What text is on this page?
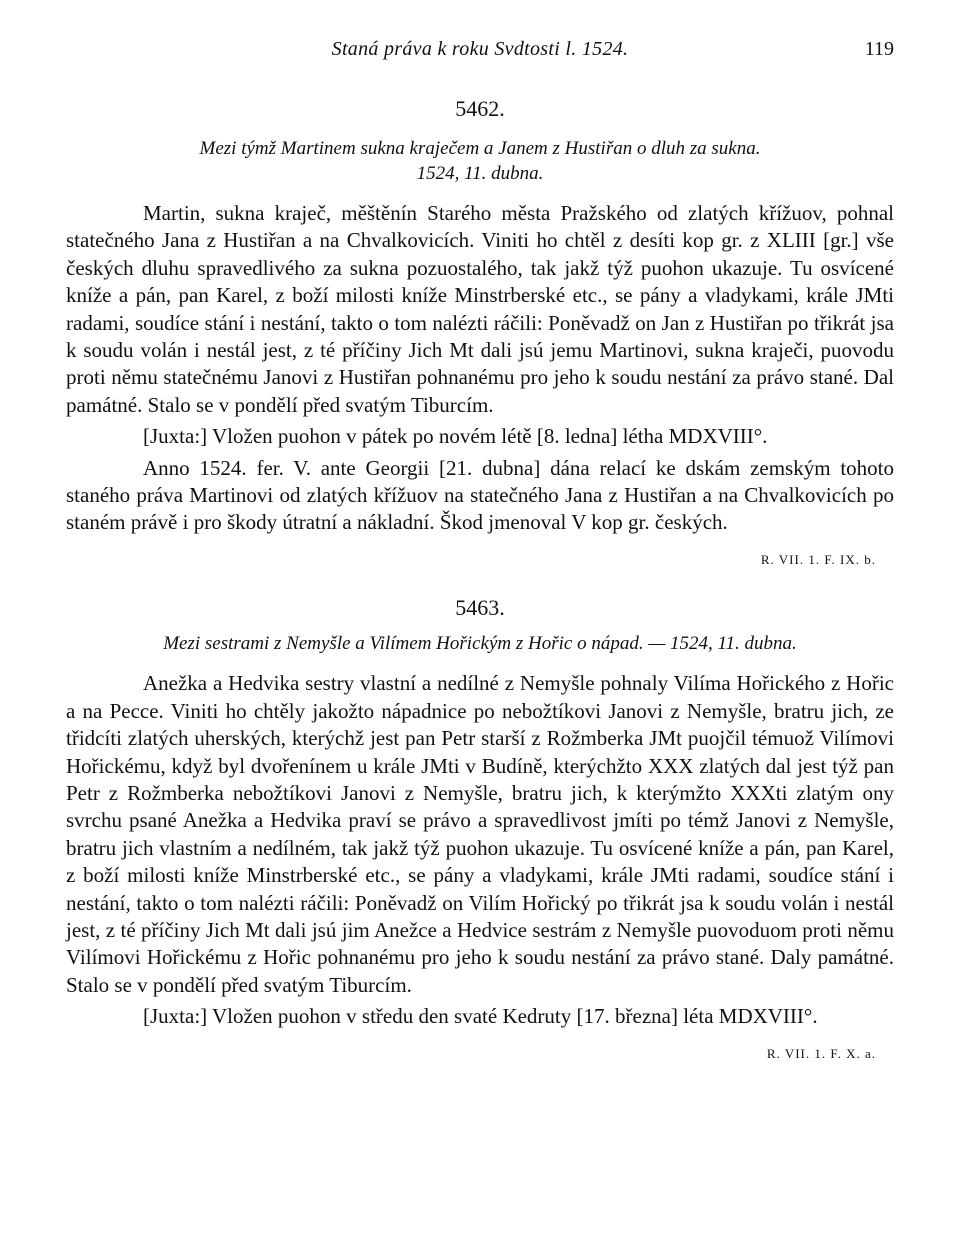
Staná práva k roku Svdtosti l. 1524.	119
5462.
Mezi týmž Martinem sukna kraječem a Janem z Hustiřan o dluh za sukna.
1524, 11. dubna.

Martin, sukna kraječ, měštěnín Starého města Pražského od zlatých křížuov, pohnal statečného Jana z Hustiřan a na Chvalkovicích. Viniti ho chtěl z desíti kop gr. z XLIII [gr.] vše českých dluhu spravedlivého za sukna pozuostalého, tak jakž týž puohon ukazuje. Tu osvícené kníže a pán, pan Karel, z boží milosti kníže Minstrberské etc., se pány a vladykami, krále JMti radami, soudíce stání i nestání, takto o tom nalézti ráčili: Poněvadž on Jan z Hustiřan po třikrát jsa k soudu volán i nestál jest, z té příčiny Jich Mt dali jsú jemu Martinovi, sukna kraječi, puovodu proti němu statečnému Janovi z Hustiřan pohnanému pro jeho k soudu nestání za právo stané. Dal památné. Stalo se v pondělí před svatým Tiburcím.

[Juxta:] Vložen puohon v pátek po novém létě [8. ledna] létha MDXVIII°.

Anno 1524. fer. V. ante Georgii [21. dubna] dána relací ke dskám zemským tohoto staného práva Martinovi od zlatých křížuov na statečného Jana z Hustiřan a na Chvalkovicích po staném právě i pro škody útratní a nákladní. Škod jmenoval V kop gr. českých.
R. VII. 1. F. IX. b.

5463.
Mezi sestrami z Nemyšle a Vilímem Hořickým z Hořic o nápad. — 1524, 11. dubna.

Anežka a Hedvika sestry vlastní a nedílné z Nemyšle pohnaly Vilíma Hořického z Hořic a na Pecce. Viniti ho chtěly jakožto nápadnice po nebožtíkovi Janovi z Nemyšle, bratru jich, ze třidcíti zlatých uherských, kterýchž jest pan Petr starší z Rožmberka JMt puojčil témuož Vilímovi Hořickému, když byl dvořenínem u krále JMti v Budíně, kterýchžto XXX zlatých dal jest týž pan Petr z Rožmberka nebožtíkovi Janovi z Nemyšle, bratru jich, k kterýmžto XXXti zlatým ony svrchu psané Anežka a Hedvika praví se právo a spravedlivost jmíti po témž Janovi z Nemyšle, bratru jich vlastním a nedílném, tak jakž týž puohon ukazuje. Tu osvícené kníže a pán, pan Karel, z boží milosti kníže Minstrberské etc., se pány a vladykami, krále JMti radami, soudíce stání i nestání, takto o tom nalézti ráčili: Poněvadž on Vilím Hořický po třikrát jsa k soudu volán i nestál jest, z té příčiny Jich Mt dali jsú jim Anežce a Hedvice sestrám z Nemyšle puovoduom proti němu Vilímovi Hořickému z Hořic pohnanému pro jeho k soudu nestání za právo stané. Daly památné. Stalo se v pondělí před svatým Tiburcím.

[Juxta:] Vložen puohon v středu den svaté Kedruty [17. března] léta MDXVIII°.
R. VII. 1. F. X. a.
